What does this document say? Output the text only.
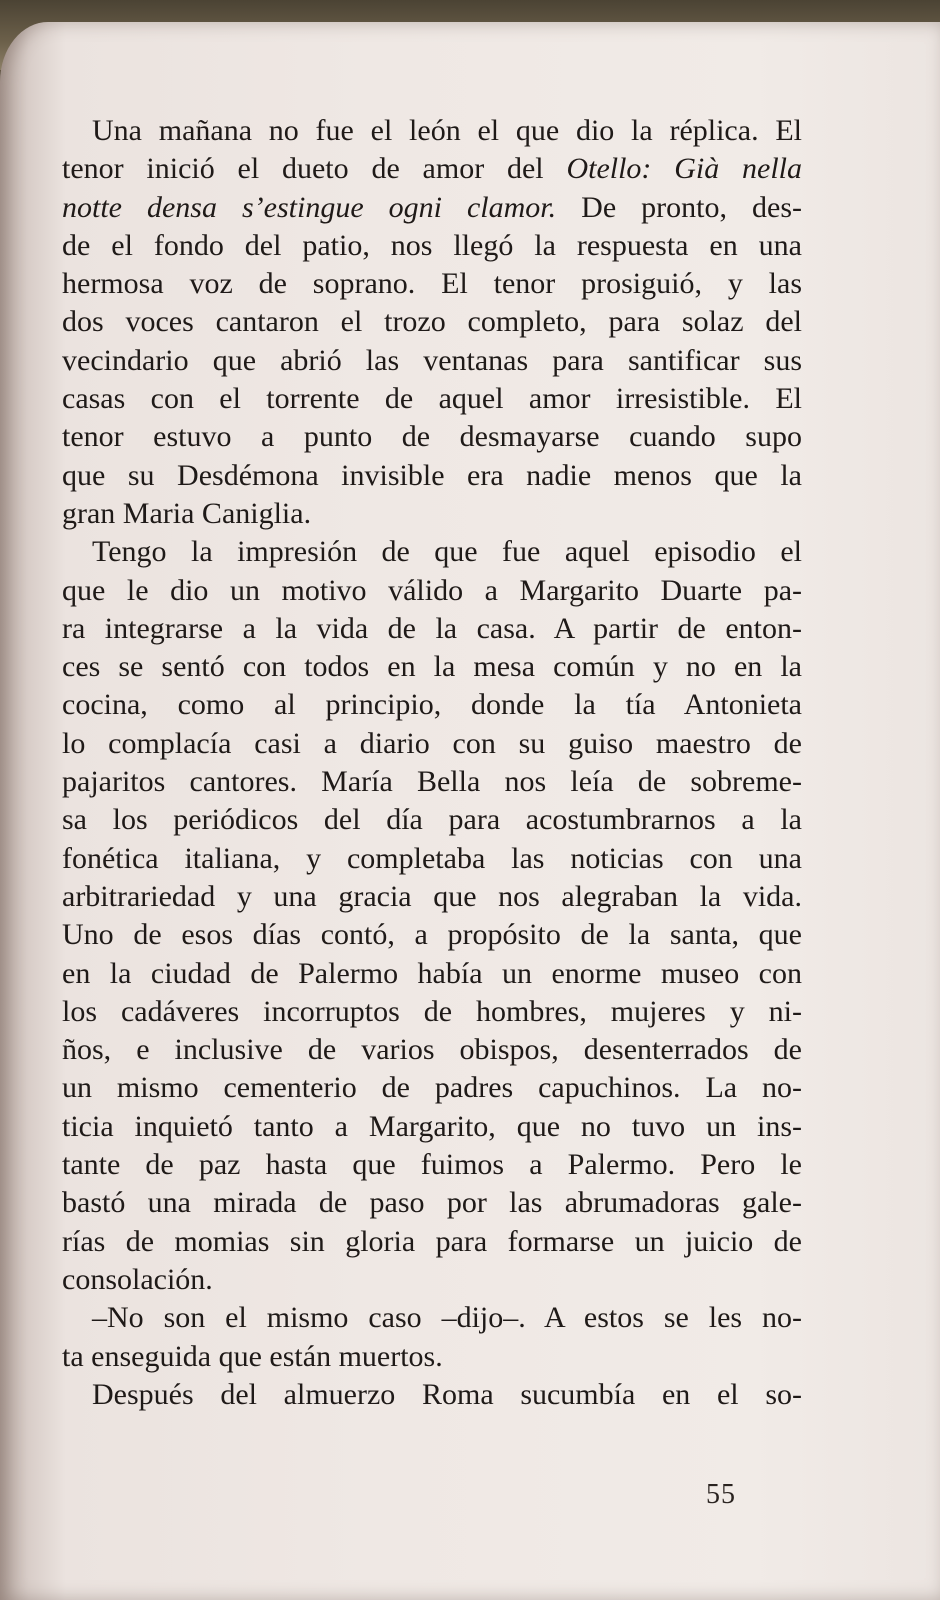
Una mañana no fue el león el que dio la réplica. El
tenor inició el dueto de amor del Otello: Già nella
notte densa s’estingue ogni clamor. De pronto, des-
de el fondo del patio, nos llegó la respuesta en una
hermosa voz de soprano. El tenor prosiguió, y las
dos voces cantaron el trozo completo, para solaz del
vecindario que abrió las ventanas para santificar sus
casas con el torrente de aquel amor irresistible. El
tenor estuvo a punto de desmayarse cuando supo
que su Desdémona invisible era nadie menos que la
gran Maria Caniglia.
Tengo la impresión de que fue aquel episodio el
que le dio un motivo válido a Margarito Duarte pa-
ra integrarse a la vida de la casa. A partir de enton-
ces se sentó con todos en la mesa común y no en la
cocina, como al principio, donde la tía Antonieta
lo complacía casi a diario con su guiso maestro de
pajaritos cantores. María Bella nos leía de sobreme-
sa los periódicos del día para acostumbrarnos a la
fonética italiana, y completaba las noticias con una
arbitrariedad y una gracia que nos alegraban la vida.
Uno de esos días contó, a propósito de la santa, que
en la ciudad de Palermo había un enorme museo con
los cadáveres incorruptos de hombres, mujeres y ni-
ños, e inclusive de varios obispos, desenterrados de
un mismo cementerio de padres capuchinos. La no-
ticia inquietó tanto a Margarito, que no tuvo un ins-
tante de paz hasta que fuimos a Palermo. Pero le
bastó una mirada de paso por las abrumadoras gale-
rías de momias sin gloria para formarse un juicio de
consolación.
–No son el mismo caso –dijo–. A estos se les no-
ta enseguida que están muertos.
Después del almuerzo Roma sucumbía en el so-
55
